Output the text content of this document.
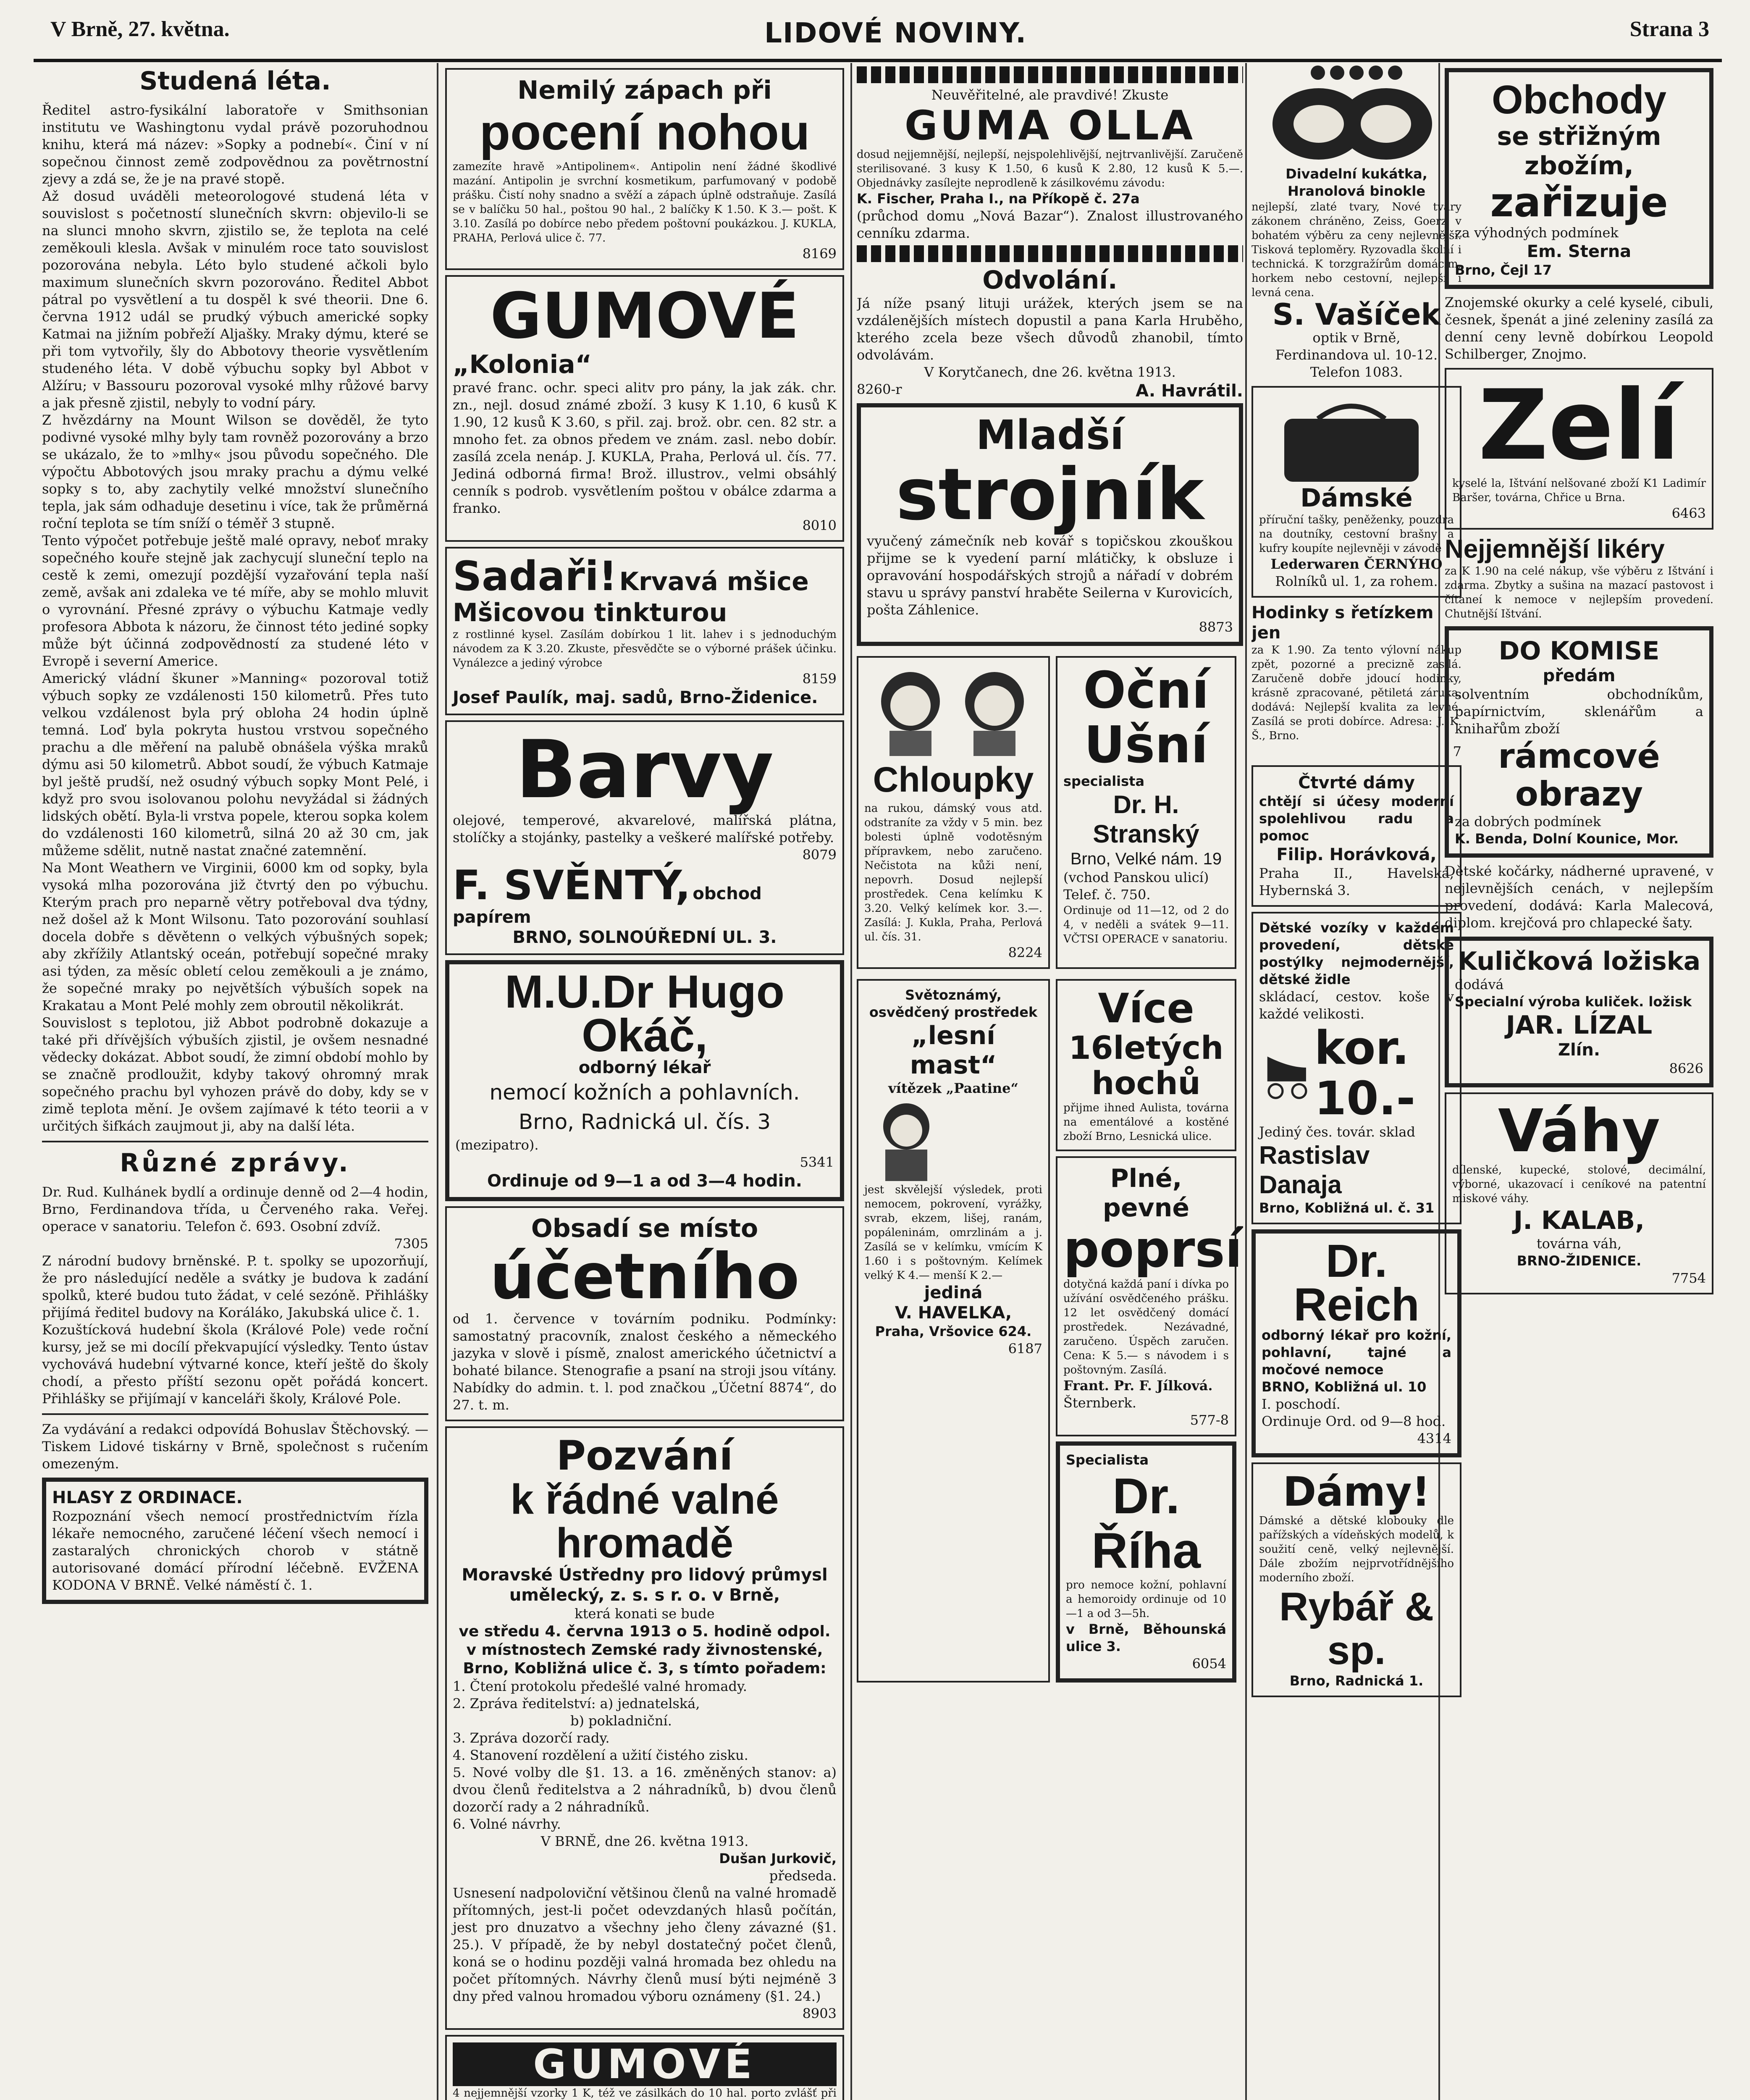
V Brně, 27. května.	LIDOVÉ NOVINY.	Strana 3
Studená léta.

Ředitel astro-fysikální laboratoře v Smithsonian institutu ve Washingtonu vydal právě pozoruhodnou knihu, která má název: »Sopky a podnebí«. Činí v ní sopečnou činnost země zodpovědnou za povětrnostní zjevy a zdá se, že je na pravé stopě.

Až dosud uváděli meteorologové studená léta v souvislost s početností slunečních skvrn: objevilo-li se na slunci mnoho skvrn, zjistilo se, že teplota na celé zeměkouli klesla. Avšak v minulém roce tato souvislost pozorována nebyla. Léto bylo studené ačkoli bylo maximum slunečních skvrn pozorováno. Ředitel Abbot pátral po vysvětlení a tu dospěl k své theorii. Dne 6. června 1912 udál se prudký výbuch americké sopky Katmai na jižním pobřeží Aljašky. Mraky dýmu, které se při tom vytvořily, šly do Abbotovy theorie vysvětlením studeného léta. V době výbuchu sopky byl Abbot v Alžíru; v Bassouru pozoroval vysoké mlhy růžové barvy a jak přesně zjistil, nebyly to vodní páry.

Z hvězdárny na Mount Wilson se dověděl, že tyto podivné vysoké mlhy byly tam rovněž pozorovány a brzo se ukázalo, že to »mlhy« jsou původu sopečného. Dle výpočtu Abbotových jsou mraky prachu a dýmu velké sopky s to, aby zachytily velké množství slunečního tepla, jak sám odhaduje desetinu i více, tak že průměrná roční teplota se tím sníží o téměř 3 stupně.

Tento výpočet potřebuje ještě malé opravy, neboť mraky sopečného kouře stejně jak zachycují sluneční teplo na cestě k zemi, omezují pozdější vyzařování tepla naší země, avšak ani zdaleka ve té míře, aby se mohlo mluvit o vyrovnání. Přesné zprávy o výbuchu Katmaje vedly profesora Abbota k názoru, že činnost této jediné sopky může být účinná zodpovědností za studené léto v Evropě i severní Americe.

Americký vládní škuner »Manning« pozoroval totiž výbuch sopky ze vzdálenosti 150 kilometrů. Přes tuto velkou vzdálenost byla prý obloha 24 hodin úplně temná. Loď byla pokryta hustou vrstvou sopečného prachu a dle měření na palubě obnášela výška mraků dýmu asi 50 kilometrů. Abbot soudí, že výbuch Katmaje byl ještě prudší, než osudný výbuch sopky Mont Pelé, i když pro svou isolovanou polohu nevyžádal si žádných lidských obětí. Byla-li vrstva popele, kterou sopka kolem do vzdálenosti 160 kilometrů, silná 20 až 30 cm, jak můžeme sdělit, nutně nastat značné zatemnění.

Na Mont Weathern ve Virginii, 6000 km od sopky, byla vysoká mlha pozorována již čtvrtý den po výbuchu. Kterým prach pro neparně větry potřeboval dva týdny, než došel až k Mont Wilsonu. Tato pozorování souhlasí docela dobře s děvětenn o velkých výbušných sopek; aby zkřížily Atlantský oceán, potřebují sopečné mraky asi týden, za měsíc obletí celou zeměkouli a je známo, že sopečné mraky po největších výbuších sopek na Krakatau a Mont Pelé mohly zem obroutil několikrát.

Souvislost s teplotou, již Abbot podrobně dokazuje a také při dřívějších výbuších zjistil, je ovšem nesnadné vědecky dokázat. Abbot soudí, že zimní období mohlo by se značně prodloužit, kdyby takový ohromný mrak sopečného prachu byl vyhozen právě do doby, kdy se v zimě teplota mění. Je ovšem zajímavé k této teorii a v určitých šifkách zaujmout ji, aby na další léta.

Různé zprávy.

Dr. Rud. Kulhánek bydlí a ordinuje denně od 2—4 hodin, Brno, Ferdinandova třída, u Červeného raka. Veřej. operace v sanatoriu. Telefon č. 693. Osobní zdvíž.

7305

Z národní budovy brněnské. P. t. spolky se upozorňují, že pro následující neděle a svátky je budova k zadání spolků, které budou tuto žádat, v celé sezóně. Přihlášky přijímá ředitel budovy na Koráláko, Jakubská ulice č. 1.

Kozuštícková hudební škola (Králové Pole) vede roční kursy, jež se mi docílí překvapující výsledky. Tento ústav vychovává hudební výtvarné konce, kteří ještě do školy chodí, a přesto příští sezonu opět pořádá koncert. Přihlášky se přijímají v kanceláři školy, Králové Pole.

Za vydávání a redakci odpovídá Bohuslav Štěchovský. — Tiskem Lidové tiskárny v Brně, společnost s ručením omezeným.

HLASY Z ORDINACE.

Rozpoznání všech nemocí prostřednictvím řízla lékaře nemocného, zaručené léčení všech nemocí i zastaralých chronických chorob v státně autorisované domácí přírodní léčebně. EVŽENA KODONA V BRNĚ. Velké náměstí č. 1.

Nemilý zápach při
pocení nohou

zamezíte hravě »Antipolinem«. Antipolin není žádné škodlivé mazání. Antipolin je svrchní kosmetikum, parfumovaný v podobě prášku. Čistí nohy snadno a svěží a zápach úplně odstraňuje. Zasílá se v balíčku 50 hal., poštou 90 hal., 2 balíčky K 1.50. K 3.— pošt. K 3.10. Zasílá po dobírce nebo předem poštovní poukázkou. J. KUKLA, PRAHA, Perlová ulice č. 77.

8169
GUMOVÉ
„Kolonia“

pravé franc. ochr. speci alitv pro pány, la jak zák. chr. zn., nejl. dosud známé zboží. 3 kusy K 1.10, 6 kusů K 1.90, 12 kusů K 3.60, s přil. zaj. brož. obr. cen. 82 str. a mnoho fet. za obnos předem ve znám. zasl. nebo dobír. zasílá zcela nenáp. J. KUKLA, Praha, Perlová ul. čís. 77. Jediná odborná firma! Brož. illustrov., velmi obsáhlý cenník s podrob. vysvětlením poštou v obálce zdarma a franko.

8010
Sadaři! Krvavá mšice
Mšicovou tinkturou

z rostlinné kysel. Zasílám dobírkou 1 lit. lahev i s jednoduchým návodem za K 3.20. Zkuste, přesvědčte se o výborné prášek účinku. Vynálezce a jediný výrobce

8159
Josef Paulík, maj. sadů, Brno-Židenice.
Barvy

olejové, temperové, akvarelové, malířská plátna, stolíčky a stojánky, pastelky a veškeré malířské potřeby.

8079
F. SVĚNTÝ, obchod papírem
BRNO, SOLNOÚŘEDNÍ UL. 3.
M.U.Dr Hugo Okáč,
odborný lékař
nemocí kožních a pohlavních.
Brno, Radnická ul. čís. 3
(mezipatro).
5341
Ordinuje od 9—1 a od 3—4 hodin.
Obsadí se místo
účetního

od 1. července v továrním podniku. Podmínky: samostatný pracovník, znalost českého a německého jazyka v slově i písmě, znalost amerického účetnictví a bohaté bilance. Stenografie a psaní na stroji jsou vítány. Nabídky do admin. t. l. pod značkou „Účetní 8874“, do 27. t. m.

Pozvání
k řádné valné hromadě
Moravské Ústředny pro lidový průmysl umělecký, z. s. s r. o. v Brně,
která konati se bude
ve středu 4. června 1913 o 5. hodině odpol. v místnostech Zemské rady živnostenské, Brno, Kobližná ulice č. 3, s tímto pořadem:
1. Čtení protokolu předešlé valné hromady.
2. Zpráva ředitelství: a) jednatelská,
b) pokladniční.
3. Zpráva dozorčí rady.
4. Stanovení rozdělení a užití čistého zisku.
5. Nové volby dle §1. 13. a 16. změněných stanov: a) dvou členů ředitelstva a 2 náhradníků, b) dvou členů dozorčí rady a 2 náhradníků.
6. Volné návrhy.
V BRNĚ, dne 26. května 1913.
Dušan Jurkovič,
předseda.

Usnesení nadpoloviční většinou členů na valné hromadě přítomných, jest-li počet odevzdaných hlasů počítán, jest pro dnuzatvo a všechny jeho členy závazné (§1. 25.). V případě, že by nebyl dostatečný počet členů, koná se o hodinu později valná hromada bez ohledu na počet přítomných. Návrhy členů musí býti nejméně 3 dny před valnou hromadou výboru oznámeny (§1. 24.)

8903
GUMOVÉ

4 nejjemnější vzorky 1 K, též ve zásilkách do 10 hal. porto zvlášť při

Neuvěřitelné, ale pravdivé! Zkuste
GUMA OLLA

dosud nejjemnější, nejlepší, nejspolehlivější, nejtrvanlivější. Zaručeně sterilisované. 3 kusy K 1.50, 6 kusů K 2.80, 12 kusů K 5.—. Objednávky zasílejte neprodleně k zásilkovému závodu:

K. Fischer, Praha I., na Příkopě č. 27a
(průchod domu „Nová Bazar“). Znalost illustrovaného cenníku zdarma.
Odvolání.

Já níže psaný lituji urážek, kterých jsem se na vzdálenějších místech dopustil a pana Karla Hruběho, kterého zcela beze všech důvodů zhanobil, tímto odvolávám.

V Korytčanech, dne 26. května 1913.
8260-r	A. Havrátil.
Mladší
strojník

vyučený zámečník neb kovář s topičskou zkouškou přijme se k vyedení parní mlátičky, k obsluze i opravování hospodářských strojů a nářadí v dobrém stavu u správy panství hraběte Seilerna v Kurovicích, pošta Záhlenice.

8873
Chloupky

na rukou, dámský vous atd. odstraníte za vždy v 5 min. bez bolesti úplně vodotěsným přípravkem, nebo zaručeno. Nečistota na kůži není, nepovrh. Dosud nejlepší prostředek. Cena kelímku K 3.20. Velký kelímek kor. 3.—. Zasílá: J. Kukla, Praha, Perlová ul. čís. 31.

8224
Oční
Ušní
specialista
Dr. H. Stranský
Brno, Velké nám. 19
(vchod Panskou ulicí)
Telef. č. 750.

Ordinuje od 11—12, od 2 do 4, v neděli a svátek 9—11. VČTSI OPERACE v sanatoriu.

Světoznámý, osvědčený prostředek
„lesní mast“
vítězek „Paatine“

jest skvělejší výsledek, proti nemocem, pokrovení, vyrážky, svrab, ekzem, lišej, ranám, popáleninám, omrzlinám a j. Zasílá se v kelímku, vmícím K 1.60 i s poštovným. Kelímek velký K 4.— menší K 2.—

jediná
V. HAVELKA,
Praha, Vršovice 624.
6187
Více
16letých hochů

přijme ihned Aulista, továrna na ementálové a kostěné zboží Brno, Lesnická ulice.

Plné, pevné
poprsí

dotyčná každá paní i dívka po užívání osvědčeného prášku. 12 let osvědčený domácí prostředek. Nezávadné, zaručeno. Úspěch zaručen. Cena: K 5.— s návodem i s poštovným. Zasílá.

Frant. Pr. F. Jílková.
Šternberk.
577-8
Specialista
Dr. Říha

pro nemoce kožní, pohlavní a hemoroidy ordinuje od 10—1 a od 3—5h.

v Brně, Běhounská ulice 3.
6054
Divadelní kukátka, Hranolová binokle

nejlepší, zlaté tvary, Nové tvary zákonem chráněno, Zeiss, Goerz v bohatém výběru za ceny nejlevnější. Tisková teploměry. Ryzovadla školní i technická. K torzgražírům domácím, horkem nebo cestovní, nejlepší i levná cena.

S. Vašíček
optik v Brně,
Ferdinandova ul. 10-12.
Telefon 1083.
Dámské

příruční tašky, peněženky, pouzdra na doutníky, cestovní brašny a kufry koupíte nejlevněji v závodě

Lederwaren ČERNÝHO
Rolníků ul. 1, za rohem.
Hodinky s řetízkem jen

za K 1.90. Za tento výlovní nákup zpět, pozorné a precizně zasílá. Zaručeně dobře jdoucí hodinky, krásně zpracované, pětiletá záruka, dodává: Nejlepší kvalita za levné. Zasílá se proti dobírce. Adresa: J. K. Š., Brno.

7
Čtvrté dámy
chtějí si účesy moderní spolehlivou radu a pomoc
Filip. Horávková,
Praha II., Havelská, Hybernská 3.
Dětské vozíky v každém provedení, dětské postýlky nejmodernější, dětské židle
skládací, cestov. koše v každé velikosti.
kor. 10.-
Jediný čes. továr. sklad
Rastislav Danaja
Brno, Kobližná ul. č. 31
Dr. Reich
odborný lékař pro kožní, pohlavní, tajné a močové nemoce
BRNO, Kobližná ul. 10
I. poschodí.
Ordinuje Ord. od 9—8 hod.
4314
Dámy!

Dámské a dětské klobouky dle pařížských a vídeňských modelů, k soužití ceně, velký nejlevnější. Dále zbožím nejprvotřídnějšího moderního zboží.

Rybář & sp.
Brno, Radnická 1.
Obchody
se střižným zbožím,
zařizuje
za výhodných podmínek
Em. Sterna
Brno, Čejl 17

Znojemské okurky a celé kyselé, cibuli, česnek, špenát a jiné zeleniny zasílá za denní ceny levně dobírkou Leopold Schilberger, Znojmo.

Zelí

kyselé la, Ištvání nelšované zboží K1 Ladimír Baršer, továrna, Chřice u Brna.

6463
Nejjemnější likéry

za K 1.90 na celé nákup, vše výběru z Ištvání i zdarma. Zbytky a sušina na mazací pastovost i čítaneí k nemoce v nejlepším provedení. Chutnější Ištvání.

DO KOMISE
předám
solventním obchodníkům, papírnictvím, sklenářům a knihařům zboží
rámcové obrazy
za dobrých podmínek
K. Benda, Dolní Kounice, Mor.

Dětské kočárky, nádherné upravené, v nejlevnějších cenách, v nejlepším provedení, dodává: Karla Malecová, diplom. krejčová pro chlapecké šaty.

Kuličková ložiska
dodává
Specialní výroba kuliček. ložisk
JAR. LÍZAL
Zlín.
8626
Váhy

dílenské, kupecké, stolové, decimální, výborné, ukazovací i ceníkové na patentní miskové váhy.

J. KALAB,
továrna váh,
BRNO-ŽIDENICE.
7754
